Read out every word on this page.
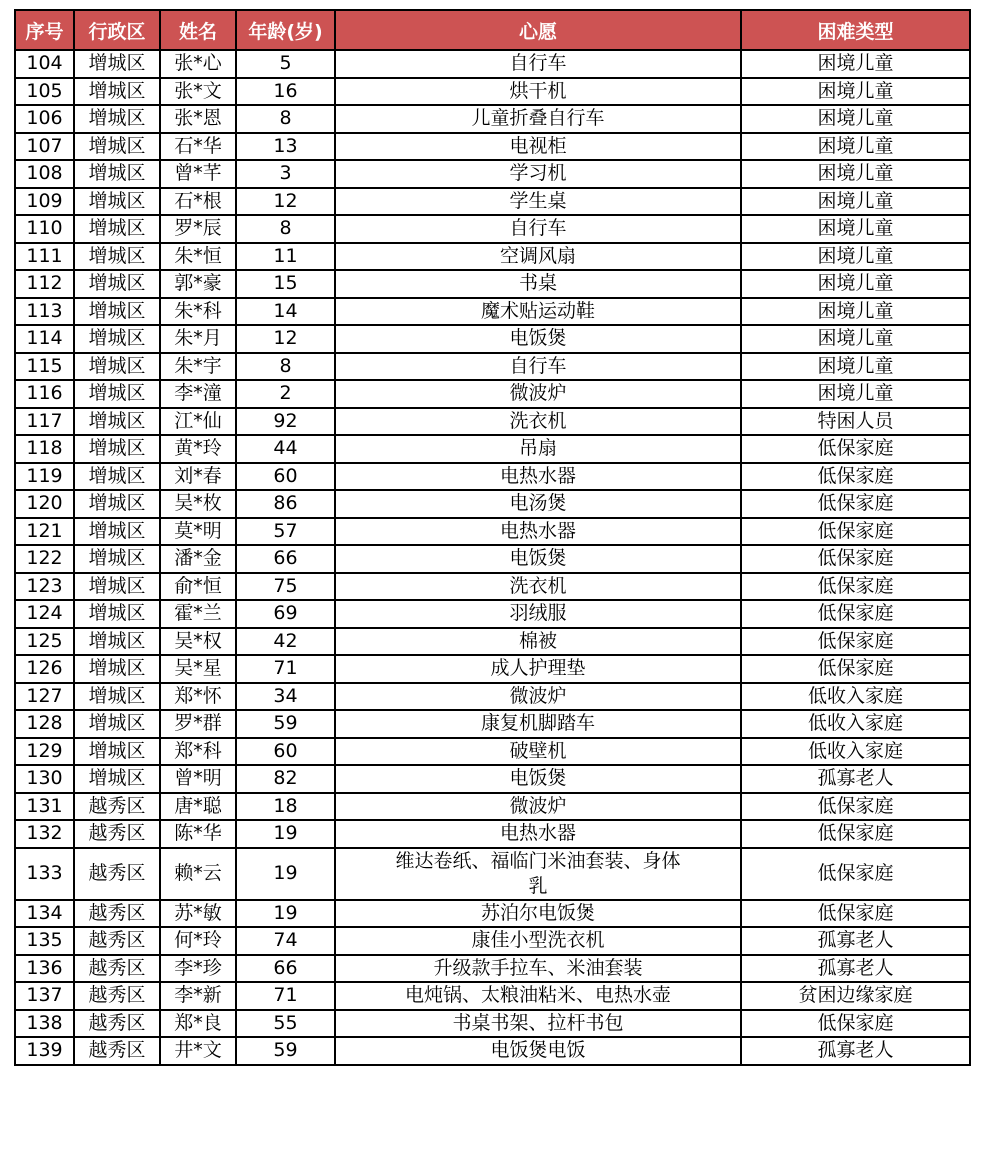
序号	行政区	姓名	年龄(岁)	心愿	困难类型
104	增城区	张*心	5	自行车	困境儿童
105	增城区	张*文	16	烘干机	困境儿童
106	增城区	张*恩	8	儿童折叠自行车	困境儿童
107	增城区	石*华	13	电视柜	困境儿童
108	增城区	曾*芊	3	学习机	困境儿童
109	增城区	石*根	12	学生桌	困境儿童
110	增城区	罗*辰	8	自行车	困境儿童
111	增城区	朱*恒	11	空调风扇	困境儿童
112	增城区	郭*豪	15	书桌	困境儿童
113	增城区	朱*科	14	魔术贴运动鞋	困境儿童
114	增城区	朱*月	12	电饭煲	困境儿童
115	增城区	朱*宇	8	自行车	困境儿童
116	增城区	李*潼	2	微波炉	困境儿童
117	增城区	江*仙	92	洗衣机	特困人员
118	增城区	黄*玲	44	吊扇	低保家庭
119	增城区	刘*春	60	电热水器	低保家庭
120	增城区	吴*枚	86	电汤煲	低保家庭
121	增城区	莫*明	57	电热水器	低保家庭
122	增城区	潘*金	66	电饭煲	低保家庭
123	增城区	俞*恒	75	洗衣机	低保家庭
124	增城区	霍*兰	69	羽绒服	低保家庭
125	增城区	吴*权	42	棉被	低保家庭
126	增城区	吴*星	71	成人护理垫	低保家庭
127	增城区	郑*怀	34	微波炉	低收入家庭
128	增城区	罗*群	59	康复机脚踏车	低收入家庭
129	增城区	郑*科	60	破壁机	低收入家庭
130	增城区	曾*明	82	电饭煲	孤寡老人
131	越秀区	唐*聪	18	微波炉	低保家庭
132	越秀区	陈*华	19	电热水器	低保家庭
133	越秀区	赖*云	19	维达卷纸、福临门米油套装、身体乳	低保家庭
134	越秀区	苏*敏	19	苏泊尔电饭煲	低保家庭
135	越秀区	何*玲	74	康佳小型洗衣机	孤寡老人
136	越秀区	李*珍	66	升级款手拉车、米油套装	孤寡老人
137	越秀区	李*新	71	电炖锅、太粮油粘米、电热水壶	贫困边缘家庭
138	越秀区	郑*良	55	书桌书架、拉杆书包	低保家庭
139	越秀区	井*文	59	电饭煲电饭	孤寡老人
